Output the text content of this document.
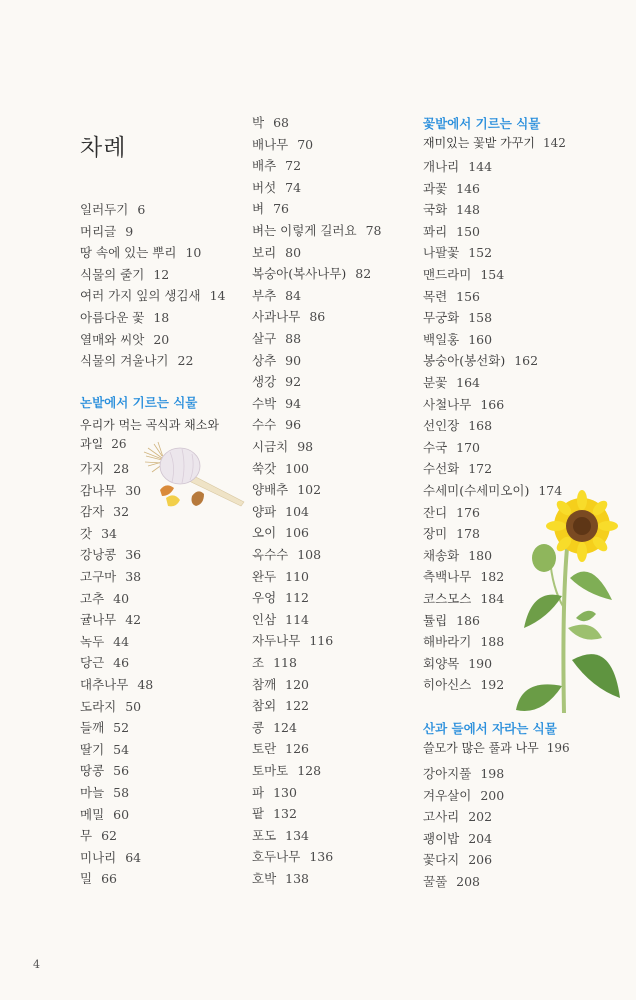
차례
일러두기 6
머리글 9
땅 속에 있는 뿌리 10
식물의 줄기 12
여러 가지 잎의 생김새 14
아름다운 꽃 18
열매와 씨앗 20
식물의 겨울나기 22
논밭에서 기르는 식물
우리가 먹는 곡식과 채소와
과일 26
가지 28
감나무 30
감자 32
갓 34
강낭콩 36
고구마 38
고추 40
귤나무 42
녹두 44
당근 46
대추나무 48
도라지 50
들깨 52
딸기 54
땅콩 56
마늘 58
메밀 60
무 62
미나리 64
밀 66
박 68
배나무 70
배추 72
버섯 74
벼 76
벼는 이렇게 길러요 78
보리 80
복숭아(복사나무) 82
부추 84
사과나무 86
살구 88
상추 90
생강 92
수박 94
수수 96
시금치 98
쑥갓 100
양배추 102
양파 104
오이 106
옥수수 108
완두 110
우엉 112
인삼 114
자두나무 116
조 118
참깨 120
참외 122
콩 124
토란 126
토마토 128
파 130
팥 132
포도 134
호두나무 136
호박 138
꽃밭에서 기르는 식물
재미있는 꽃밭 가꾸기 142
개나리 144
과꽃 146
국화 148
꽈리 150
나팔꽃 152
맨드라미 154
목련 156
무궁화 158
백일홍 160
봉숭아(봉선화) 162
분꽃 164
사철나무 166
선인장 168
수국 170
수선화 172
수세미(수세미오이) 174
잔디 176
장미 178
채송화 180
측백나무 182
코스모스 184
튤립 186
해바라기 188
회양목 190
히아신스 192
산과 들에서 자라는 식물
쓸모가 많은 풀과 나무 196
강아지풀 198
겨우살이 200
고사리 202
괭이밥 204
꽃다지 206
꿀풀 208
4
